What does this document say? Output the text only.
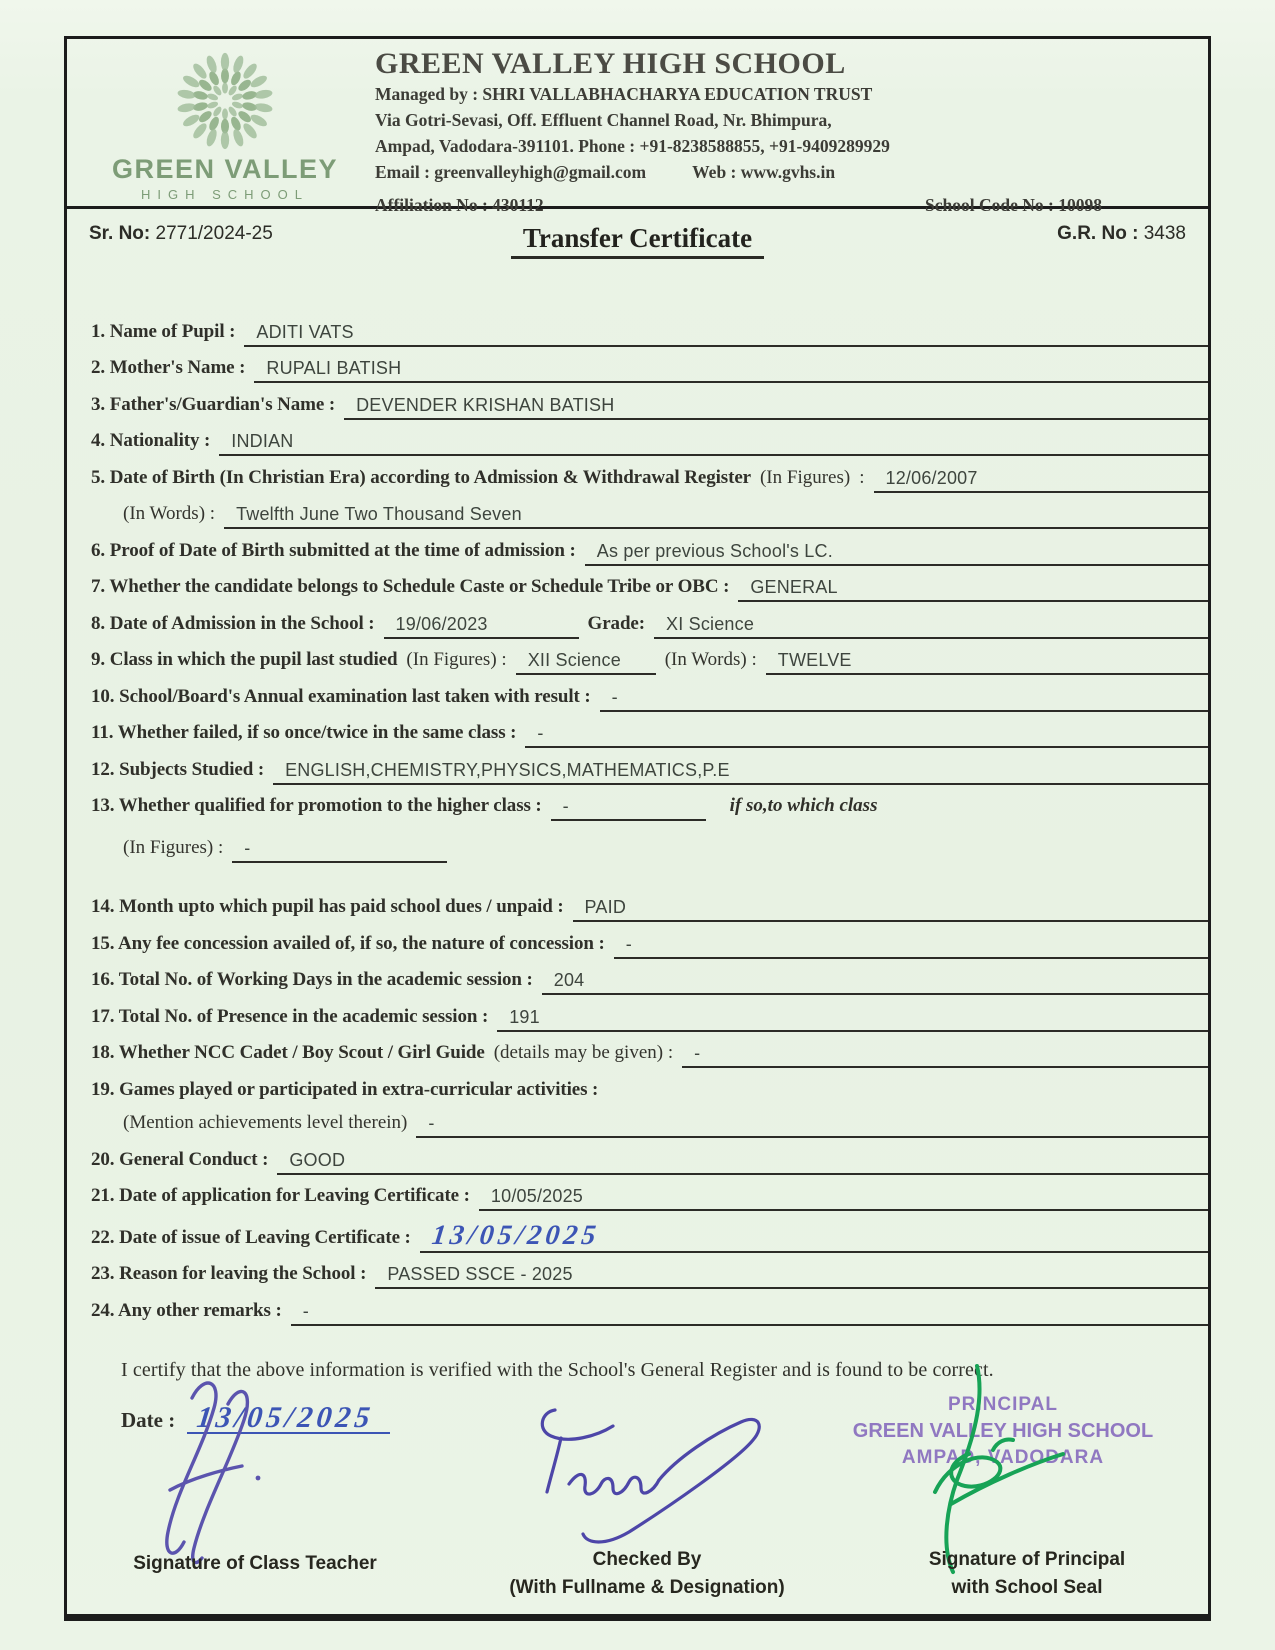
GREEN VALLEY
HIGH SCHOOL
GREEN VALLEY HIGH SCHOOL
Managed by : SHRI VALLABHACHARYA EDUCATION TRUST
Via Gotri-Sevasi, Off. Effluent Channel Road, Nr. Bhimpura,
Ampad, Vadodara-391101. Phone : +91-8238588855, +91-9409289929
Email : greenvalleyhigh@gmail.com	Web : www.gvhs.in
Affiliation No : 430112	School Code No : 10098
Sr. No: 2771/2024-25	Transfer Certificate	G.R. No : 3438
1. Name of Pupil :	ADITI VATS
2. Mother's Name :	RUPALI BATISH
3. Father's/Guardian's Name :	DEVENDER KRISHAN BATISH
4. Nationality :	INDIAN
5. Date of Birth (In Christian Era) according to Admission & Withdrawal Register (In Figures) :	12/06/2007
(In Words) :	Twelfth June Two Thousand Seven
6. Proof of Date of Birth submitted at the time of admission :	As per previous School's LC.
7. Whether the candidate belongs to Schedule Caste or Schedule Tribe or OBC :	GENERAL
8. Date of Admission in the School :	19/06/2023	Grade:	XI Science
9. Class in which the pupil last studied (In Figures) :	XII Science	(In Words) :	TWELVE
10. School/Board's Annual examination last taken with result :	-
11. Whether failed, if so once/twice in the same class :	-
12. Subjects Studied :	ENGLISH,CHEMISTRY,PHYSICS,MATHEMATICS,P.E
13. Whether qualified for promotion to the higher class :	-	if so,to which class
(In Figures) :	-
14. Month upto which pupil has paid school dues / unpaid :	PAID
15. Any fee concession availed of, if so, the nature of concession :	-
16. Total No. of Working Days in the academic session :	204
17. Total No. of Presence in the academic session :	191
18. Whether NCC Cadet / Boy Scout / Girl Guide (details may be given) :	-
19. Games played or participated in extra-curricular activities :
(Mention achievements level therein)	-
20. General Conduct :	GOOD
21. Date of application for Leaving Certificate :	10/05/2025
22. Date of issue of Leaving Certificate : 13/05/2025
23. Reason for leaving the School :	PASSED SSCE - 2025
24. Any other remarks :	-
I certify that the above information is verified with the School's General Register and is found to be correct.
Date : 13/05/2025
Signature of Class Teacher	Checked By
(With Fullname & Designation)
PRINCIPAL
GREEN VALLEY HIGH SCHOOL
AMPAD, VADODARA
Signature of Principal
with School Seal
